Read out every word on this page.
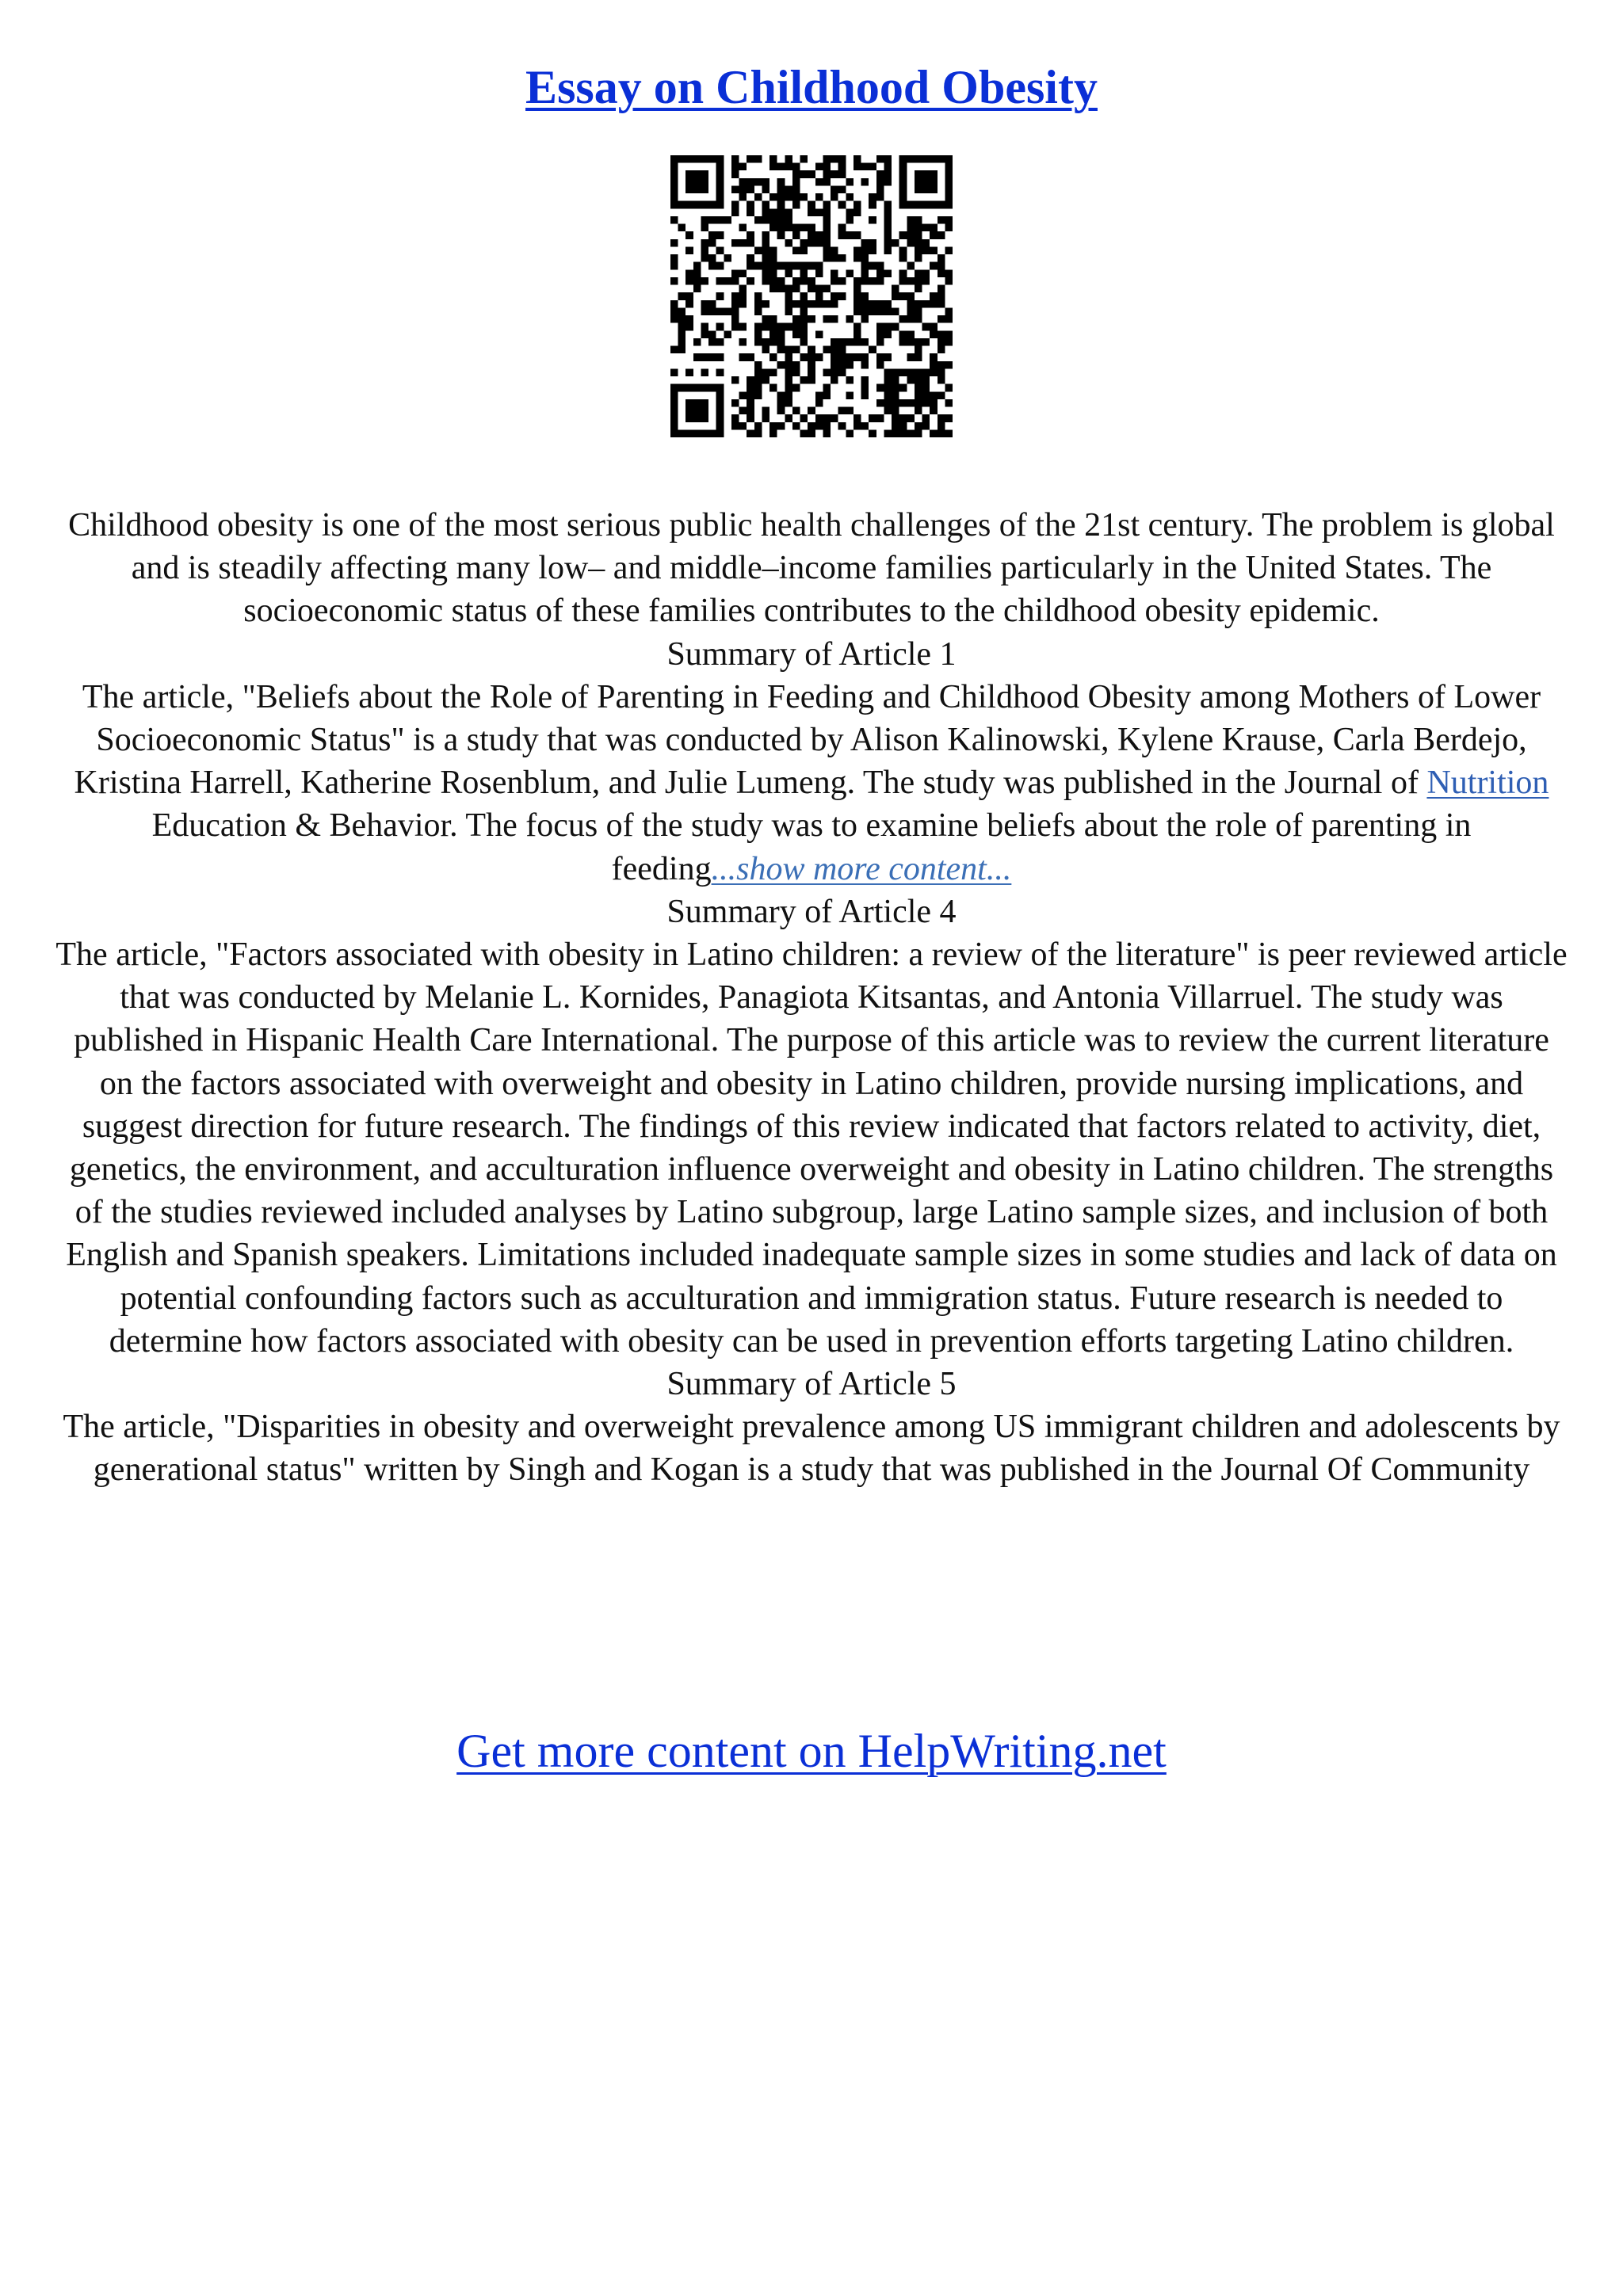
Essay on Childhood Obesity

Childhood obesity is one of the most serious public health challenges of the 21st century. The problem is global and is steadily affecting many low– and middle–income families particularly in the United States. The socioeconomic status of these families contributes to the childhood obesity epidemic.

Summary of Article 1

The article, "Beliefs about the Role of Parenting in Feeding and Childhood Obesity among Mothers of Lower Socioeconomic Status" is a study that was conducted by Alison Kalinowski, Kylene Krause, Carla Berdejo, Kristina Harrell, Katherine Rosenblum, and Julie Lumeng. The study was published in the Journal of Nutrition Education & Behavior. The focus of the study was to examine beliefs about the role of parenting in feeding...show more content...

Summary of Article 4

The article, "Factors associated with obesity in Latino children: a review of the literature" is peer reviewed article that was conducted by Melanie L. Kornides, Panagiota Kitsantas, and Antonia Villarruel. The study was published in Hispanic Health Care International. The purpose of this article was to review the current literature on the factors associated with overweight and obesity in Latino children, provide nursing implications, and suggest direction for future research. The findings of this review indicated that factors related to activity, diet, genetics, the environment, and acculturation influence overweight and obesity in Latino children. The strengths of the studies reviewed included analyses by Latino subgroup, large Latino sample sizes, and inclusion of both English and Spanish speakers. Limitations included inadequate sample sizes in some studies and lack of data on potential confounding factors such as acculturation and immigration status. Future research is needed to determine how factors associated with obesity can be used in prevention efforts targeting Latino children.

Summary of Article 5

The article, "Disparities in obesity and overweight prevalence among US immigrant children and adolescents by generational status" written by Singh and Kogan is a study that was published in the Journal Of Community

Get more content on HelpWriting.net
